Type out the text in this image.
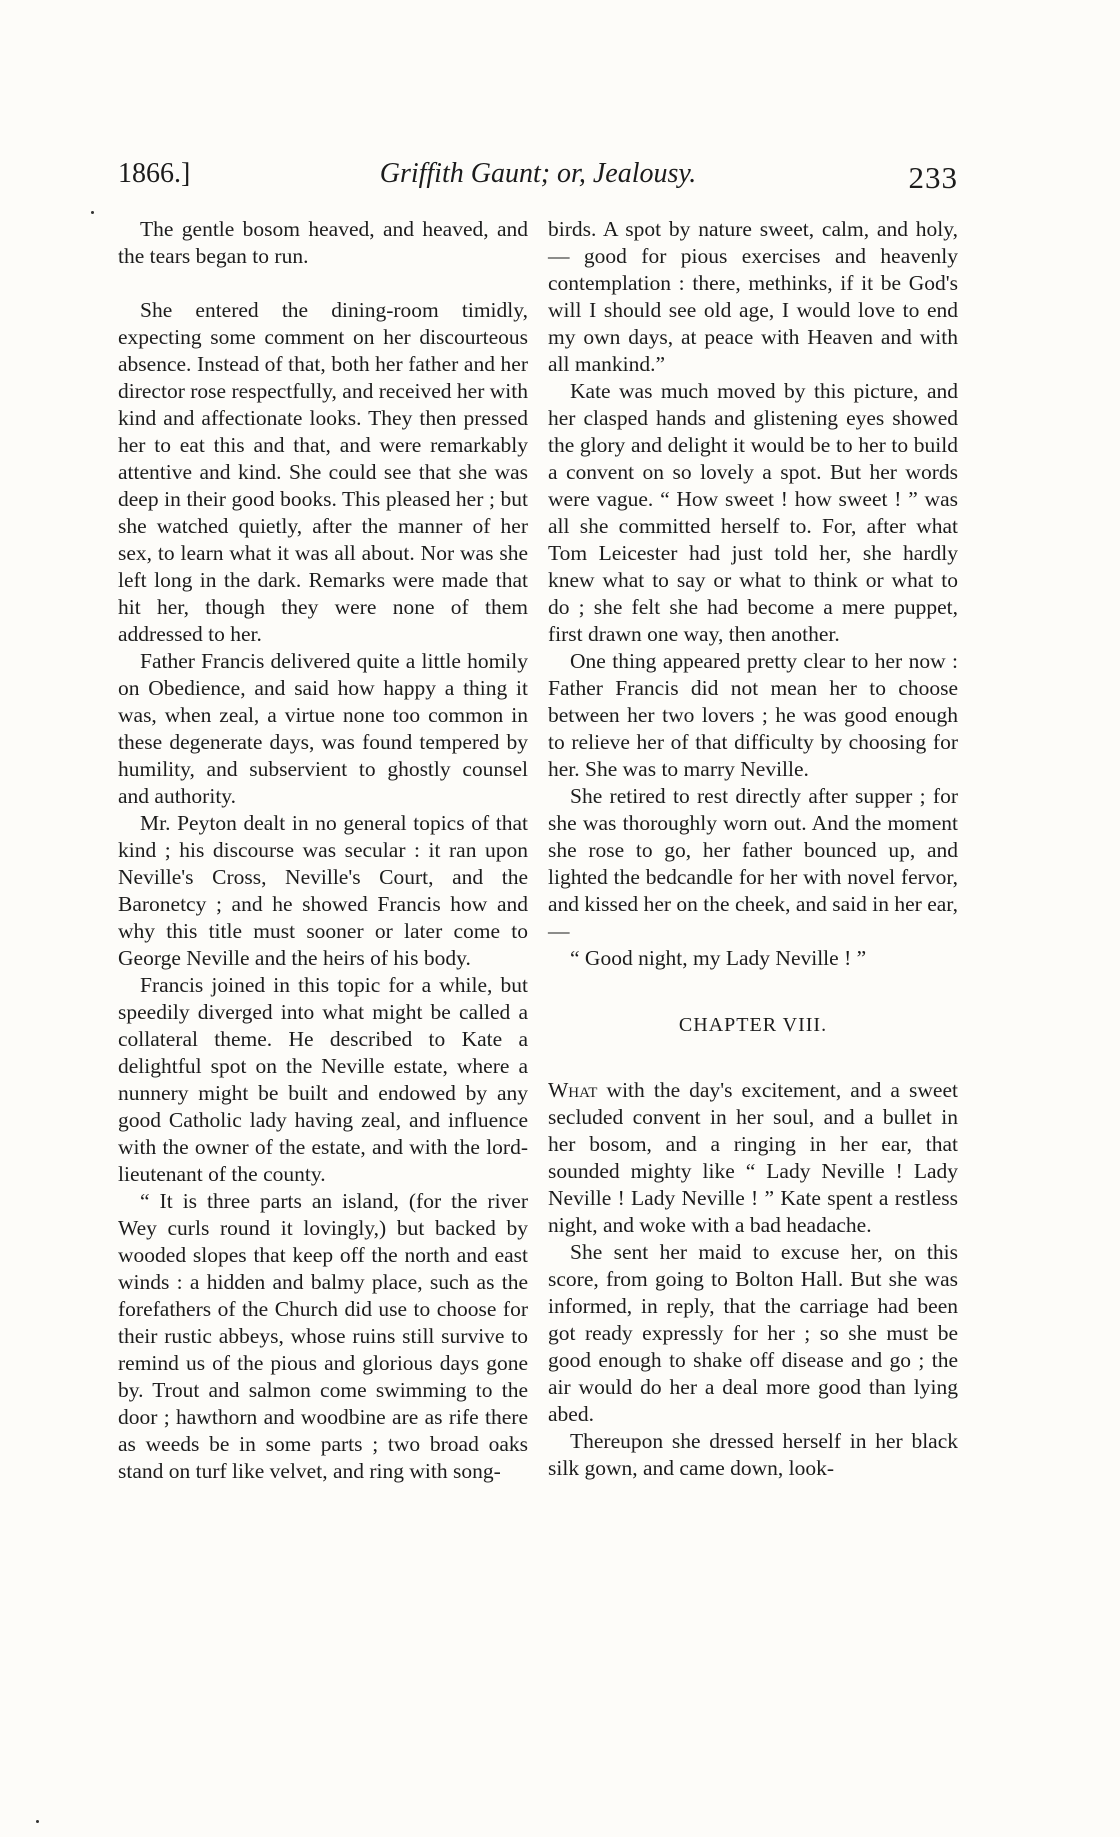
1866.]	Griffith Gaunt; or, Jealousy.	233

The gentle bosom heaved, and heaved, and the tears began to run.

She entered the dining-room timidly, expecting some comment on her discourteous absence. Instead of that, both her father and her director rose respectfully, and received her with kind and affectionate looks. They then pressed her to eat this and that, and were remarkably attentive and kind. She could see that she was deep in their good books. This pleased her ; but she watched quietly, after the manner of her sex, to learn what it was all about. Nor was she left long in the dark. Remarks were made that hit her, though they were none of them addressed to her.

Father Francis delivered quite a little homily on Obedience, and said how happy a thing it was, when zeal, a virtue none too common in these degenerate days, was found tempered by humility, and subservient to ghostly counsel and authority.

Mr. Peyton dealt in no general topics of that kind ; his discourse was secular : it ran upon Neville's Cross, Neville's Court, and the Baronetcy ; and he showed Francis how and why this title must sooner or later come to George Neville and the heirs of his body.

Francis joined in this topic for a while, but speedily diverged into what might be called a collateral theme. He described to Kate a delightful spot on the Neville estate, where a nunnery might be built and endowed by any good Catholic lady having zeal, and influence with the owner of the estate, and with the lord-lieutenant of the county.

“ It is three parts an island, (for the river Wey curls round it lovingly,) but backed by wooded slopes that keep off the north and east winds : a hidden and balmy place, such as the forefathers of the Church did use to choose for their rustic abbeys, whose ruins still survive to remind us of the pious and glorious days gone by. Trout and salmon come swimming to the door ; hawthorn and woodbine are as rife there as weeds be in some parts ; two broad oaks stand on turf like velvet, and ring with song-

birds. A spot by nature sweet, calm, and holy, — good for pious exercises and heavenly contemplation : there, methinks, if it be God's will I should see old age, I would love to end my own days, at peace with Heaven and with all mankind.”

Kate was much moved by this picture, and her clasped hands and glistening eyes showed the glory and delight it would be to her to build a convent on so lovely a spot. But her words were vague. “ How sweet ! how sweet ! ” was all she committed herself to. For, after what Tom Leicester had just told her, she hardly knew what to say or what to think or what to do ; she felt she had become a mere puppet, first drawn one way, then another.

One thing appeared pretty clear to her now : Father Francis did not mean her to choose between her two lovers ; he was good enough to relieve her of that difficulty by choosing for her. She was to marry Neville.

She retired to rest directly after supper ; for she was thoroughly worn out. And the moment she rose to go, her father bounced up, and lighted the bedcandle for her with novel fervor, and kissed her on the cheek, and said in her ear, —

“ Good night, my Lady Neville ! ”

CHAPTER VIII.

What with the day's excitement, and a sweet secluded convent in her soul, and a bullet in her bosom, and a ringing in her ear, that sounded mighty like “ Lady Neville ! Lady Neville ! Lady Neville ! ” Kate spent a restless night, and woke with a bad headache.

She sent her maid to excuse her, on this score, from going to Bolton Hall. But she was informed, in reply, that the carriage had been got ready expressly for her ; so she must be good enough to shake off disease and go ; the air would do her a deal more good than lying abed.

Thereupon she dressed herself in her black silk gown, and came down, look-
